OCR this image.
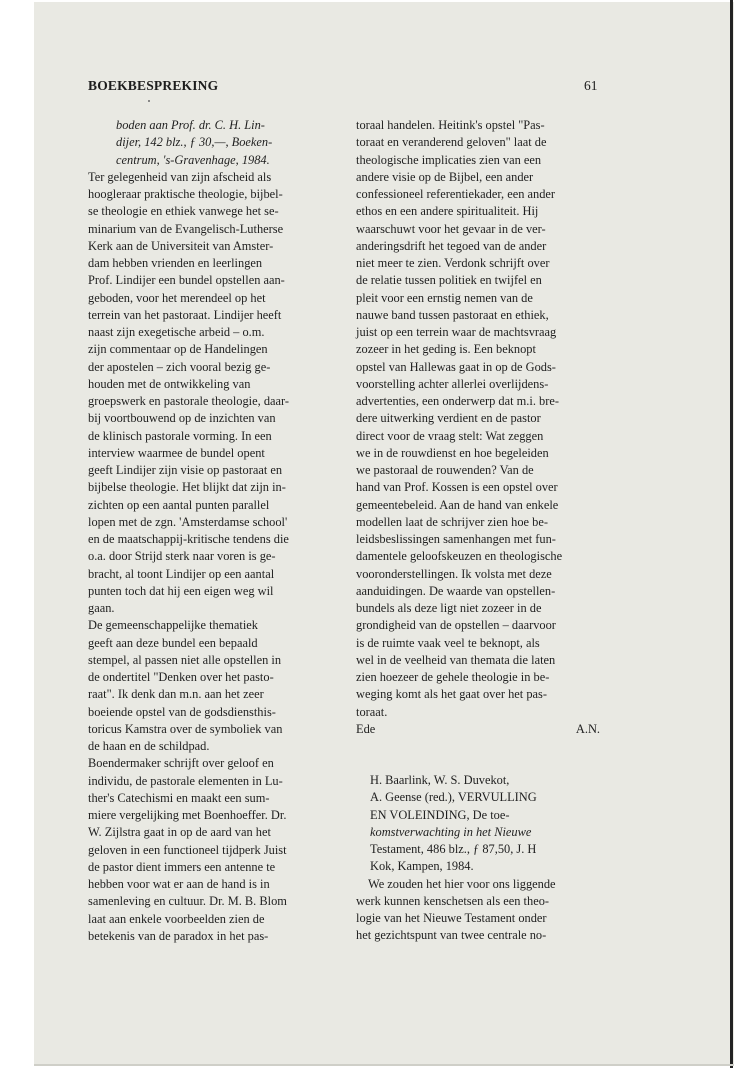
BOEKBESPREKING	61
boden aan Prof. dr. C. H. Lin-
dijer, 142 blz., ƒ 30,—, Boeken-
centrum, 's-Gravenhage, 1984.
Ter gelegenheid van zijn afscheid als
hoogleraar praktische theologie, bijbel-
se theologie en ethiek vanwege het se-
minarium van de Evangelisch-Lutherse
Kerk aan de Universiteit van Amster-
dam hebben vrienden en leerlingen
Prof. Lindijer een bundel opstellen aan-
geboden, voor het merendeel op het
terrein van het pastoraat. Lindijer heeft
naast zijn exegetische arbeid – o.m.
zijn commentaar op de Handelingen
der apostelen – zich vooral bezig ge-
houden met de ontwikkeling van
groepswerk en pastorale theologie, daar-
bij voortbouwend op de inzichten van
de klinisch pastorale vorming. In een
interview waarmee de bundel opent
geeft Lindijer zijn visie op pastoraat en
bijbelse theologie. Het blijkt dat zijn in-
zichten op een aantal punten parallel
lopen met de zgn. 'Amsterdamse school'
en de maatschappij-kritische tendens die
o.a. door Strijd sterk naar voren is ge-
bracht, al toont Lindijer op een aantal
punten toch dat hij een eigen weg wil
gaan.
De gemeenschappelijke thematiek
geeft aan deze bundel een bepaald
stempel, al passen niet alle opstellen in
de ondertitel "Denken over het pasto-
raat". Ik denk dan m.n. aan het zeer
boeiende opstel van de godsdiensthis-
toricus Kamstra over de symboliek van
de haan en de schildpad.
Boendermaker schrijft over geloof en
individu, de pastorale elementen in Lu-
ther's Catechismi en maakt een sum-
miere vergelijking met Boenhoeffer. Dr.
W. Zijlstra gaat in op de aard van het
geloven in een functioneel tijdperk Juist
de pastor dient immers een antenne te
hebben voor wat er aan de hand is in
samenleving en cultuur. Dr. M. B. Blom
laat aan enkele voorbeelden zien de
betekenis van de paradox in het pas-
toraal handelen. Heitink's opstel "Pas-
toraat en veranderend geloven" laat de
theologische implicaties zien van een
andere visie op de Bijbel, een ander
confessioneel referentiekader, een ander
ethos en een andere spiritualiteit. Hij
waarschuwt voor het gevaar in de ver-
anderingsdrift het tegoed van de ander
niet meer te zien. Verdonk schrijft over
de relatie tussen politiek en twijfel en
pleit voor een ernstig nemen van de
nauwe band tussen pastoraat en ethiek,
juist op een terrein waar de machtsvraag
zozeer in het geding is. Een beknopt
opstel van Hallewas gaat in op de Gods-
voorstelling achter allerlei overlijdens-
advertenties, een onderwerp dat m.i. bre-
dere uitwerking verdient en de pastor
direct voor de vraag stelt: Wat zeggen
we in de rouwdienst en hoe begeleiden
we pastoraal de rouwenden? Van de
hand van Prof. Kossen is een opstel over
gemeentebeleid. Aan de hand van enkele
modellen laat de schrijver zien hoe be-
leidsbeslissingen samenhangen met fun-
damentele geloofskeuzen en theologische
vooronderstellingen. Ik volsta met deze
aanduidingen. De waarde van opstellen-
bundels als deze ligt niet zozeer in de
grondigheid van de opstellen – daarvoor
is de ruimte vaak veel te beknopt, als
wel in de veelheid van themata die laten
zien hoezeer de gehele theologie in be-
weging komt als het gaat over het pas-
toraat.
Ede	A.N.
H. Baarlink, W. S. Duvekot,
A. Geense (red.), VERVULLING
EN VOLEINDING, De toe-
komstverwachting in het Nieuwe
Testament, 486 blz., ƒ 87,50, J. H
Kok, Kampen, 1984.
We zouden het hier voor ons liggende
werk kunnen kenschetsen als een theo-
logie van het Nieuwe Testament onder
het gezichtspunt van twee centrale no-
